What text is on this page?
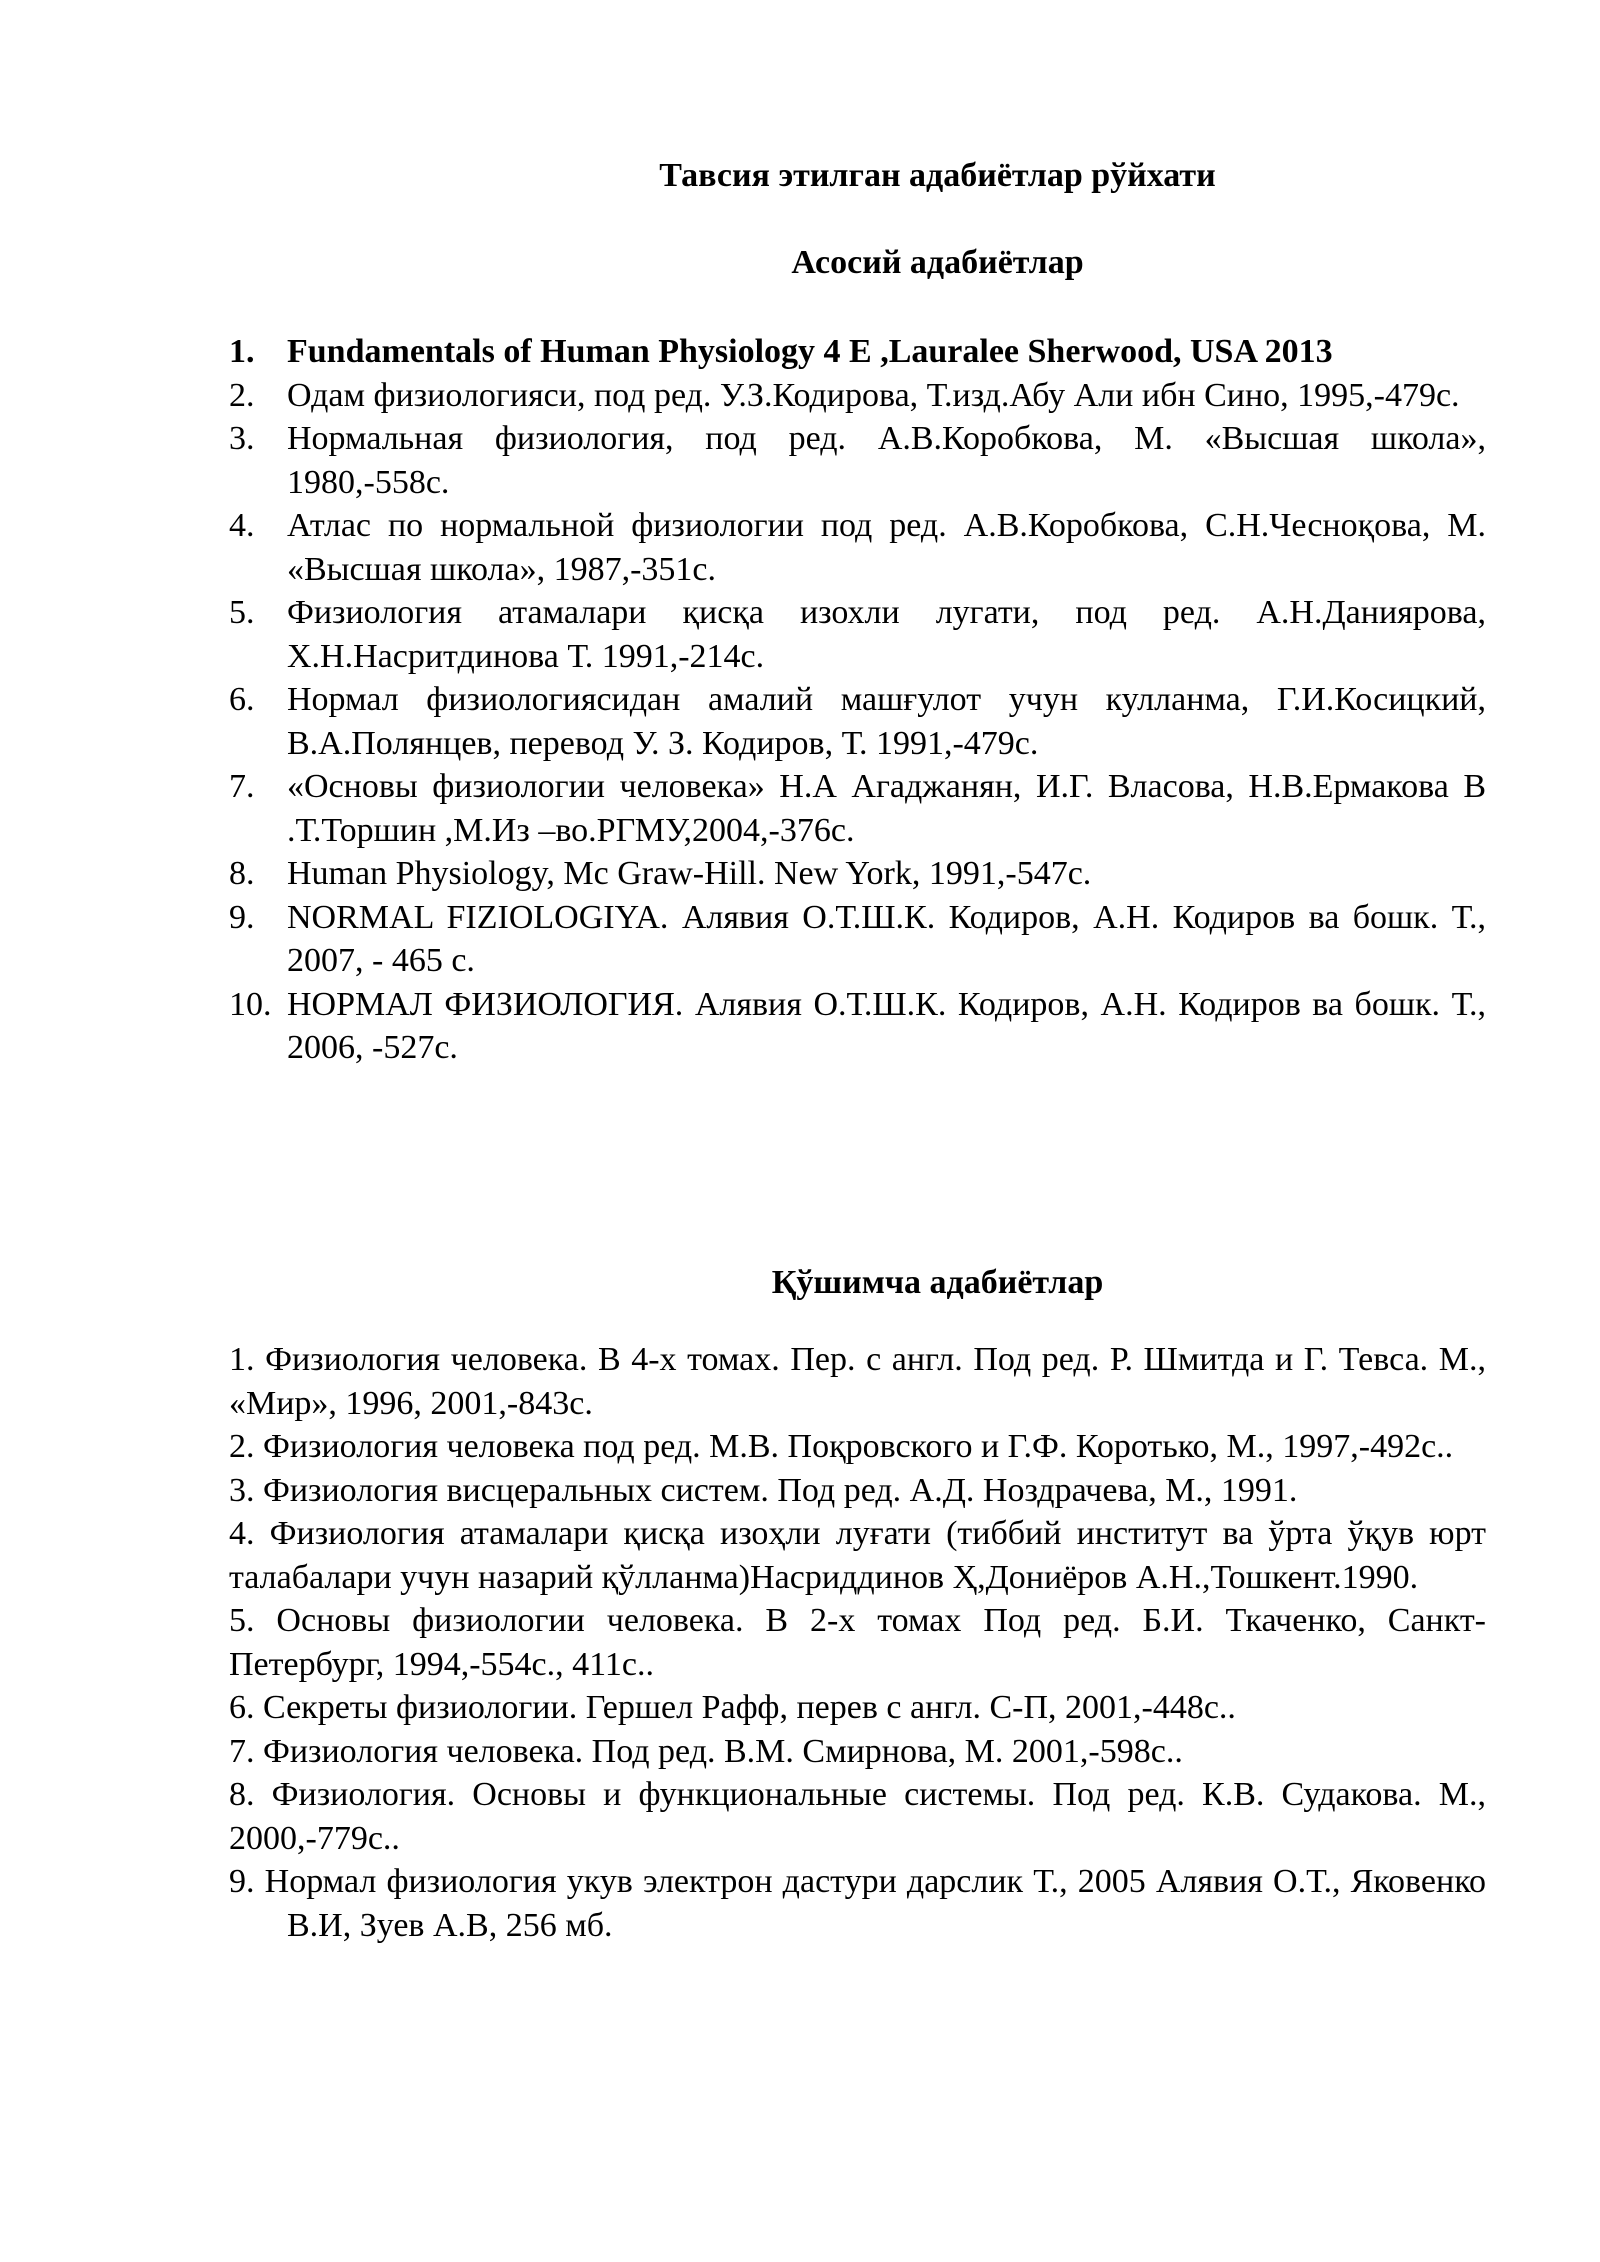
Тавсия этилган адабиётлар рўйхати
Асосий адабиётлар
1. Fundamentals of Human Physiology 4 E ,Lauralee Sherwood, USA 2013
2. Одам физиологияси, под ред. У.З.Кодирова, Т.изд.Абу Али ибн Сино, 1995,-479с.
3. Нормальная физиология, под ред. А.В.Коробкова, М. «Высшая школа», 1980,-558с.
4. Атлас по нормальной физиологии под ред. А.В.Коробкова, С.Н.Чесноқова, М. «Высшая школа», 1987,-351с.
5. Физиология атамалари қисқа изохли лугати, под ред. А.Н.Даниярова, Х.Н.Насритдинова Т. 1991,-214с.
6. Нормал физиологиясидан амалий машғулот учун кулланма, Г.И.Косицкий, В.А.Полянцев, перевод У. З. Кодиров, Т. 1991,-479с.
7. «Основы физиологии человека» Н.А Агаджанян, И.Г. Власова, Н.В.Ермакова В .Т.Торшин ,М.Из –во.РГМУ,2004,-376с.
8. Human Physiology, Mc Graw-Hill. New York, 1991,-547c.
9. NORMAL FIZIOLOGIYA. Алявия О.Т.Ш.К. Кодиров, А.Н. Кодиров ва бошк. Т., 2007, - 465 с.
10. НОРМАЛ ФИЗИОЛОГИЯ. Алявия О.Т.Ш.К. Кодиров, А.Н. Кодиров ва бошк. Т., 2006, -527с.
Қўшимча адабиётлар

1. Физиология человека. В 4-х томах. Пер. с англ. Под ред. Р. Шмитда и Г. Тевса. М., «Мир», 1996, 2001,-843с.

2. Физиология человека под ред. М.В. Поқровского и Г.Ф. Коротько, М., 1997,-492с..

3. Физиология висцеральных систем. Под ред. А.Д. Ноздрачева, М., 1991.

4. Физиология атамалари қисқа изоҳли луғати (тиббий институт ва ўрта ўқув юрт талабалари учун назарий қўлланма)Насриддинов Ҳ,Дониёров А.Н.,Тошкент.1990.

5. Основы физиологии человека. В 2-х томах Под ред. Б.И. Ткаченко, Санкт-Петербург, 1994,-554с., 411с..

6. Секреты физиологии. Гершел Рафф, перев с англ. С-П, 2001,-448с..

7. Физиология человека. Под ред. В.М. Смирнова, М. 2001,-598с..

8. Физиология. Основы и функциональные системы. Под ред. К.В. Судакова. М., 2000,-779с..

9. Нормал физиология укув электрон дастури дарслик Т., 2005 Алявия О.Т., Яковенко В.И, Зуев А.В, 256 мб.
